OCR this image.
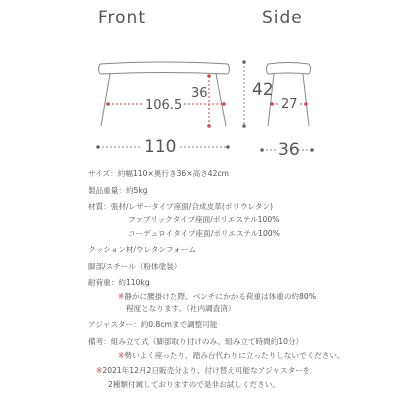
Front	Side
106.5
36
110
42
27
36
サイズ：約幅110×奥行き36×高さ42cm
製品重量：約5kg
材質：張材/レザータイプ座面/合成皮革(ポリウレタン)
ファブリックタイプ座面/ポリエステル100%
コーデュロイタイプ座面/ポリエステル100%
クッション材/ウレタンフォーム
脚部/スチール（粉体塗装）
耐荷重：約110kg
※静かに腰掛けた際、ベンチにかかる荷重は体重の約80%
程度となります。（社内調査済）
アジャスター：約0.8cmまで調整可能
備考：組み立て式（脚部取り付けのみ、組み立て時間約10分）
※勢いよく座ったり、踏み台代わりに立ったりしないでください。
※2021年12月2日販売分より、付け替え可能なアジャスターを
2種類付属しておりますので是非お試しください。
